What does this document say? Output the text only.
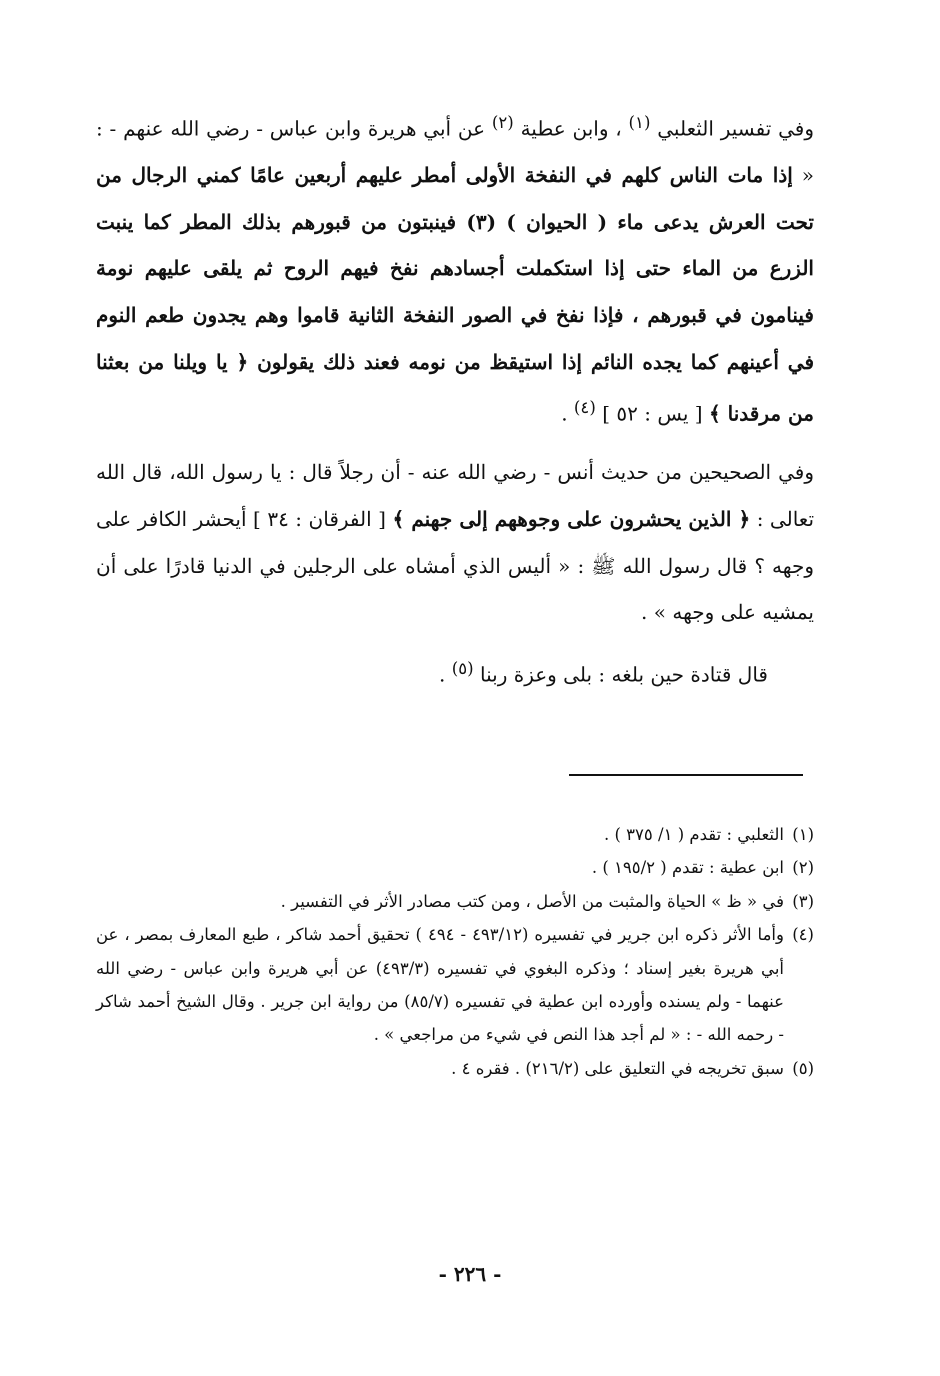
وفي تفسير الثعلبي $^{(١)}$ ، وابن عطية $^{(٢)}$ عن أبي هريرة وابن عباس - رضي الله عنهم - : « إذا مات الناس كلهم في النفخة الأولى أمطر عليهم أربعين عامًا كمني الرجال من تحت العرش يدعى ماء ( الحيوان ) (٣) فينبتون من قبورهم بذلك المطر كما ينبت الزرع من الماء حتى إذا استكملت أجسادهم نفخ فيهم الروح ثم يلقى عليهم نومة فينامون في قبورهم ، فإذا نفخ في الصور النفخة الثانية قاموا وهم يجدون طعم النوم في أعينهم كما يجده النائم إذا استيقظ من نومه فعند ذلك يقولون ﴿ يا ويلنا من بعثنا من مرقدنا ﴾ [ يس : ٥٢ ] $^{(٤)}$ .

وفي الصحيحين من حديث أنس - رضي الله عنه - أن رجلاً قال : يا رسول الله، قال الله تعالى : ﴿ الذين يحشرون على وجوههم إلى جهنم ﴾ [ الفرقان : ٣٤ ] أيحشر الكافر على وجهه ؟ قال رسول الله ﷺ : « أليس الذي أمشاه على الرجلين في الدنيا قادرًا على أن يمشيه على وجهه » .

قال قتادة حين بلغه : بلى وعزة ربنا $^{(٥)}$ .

(١)الثعلبي : تقدم ( ١/ ٣٧٥ ) .

(٢)ابن عطية : تقدم ( ١٩٥/٢ ) .

(٣)في « ظ » الحياة والمثبت من الأصل ، ومن كتب مصادر الأثر في التفسير .

(٤)وأما الأثر ذكره ابن جرير في تفسيره (٤٩٣/١٢ - ٤٩٤ ) تحقيق أحمد شاكر ، طبع المعارف بمصر ، عن أبي هريرة بغير إسناد ؛ وذكره البغوي في تفسيره (٤٩٣/٣) عن أبي هريرة وابن عباس - رضي الله عنهما - ولم يسنده وأورده ابن عطية في تفسيره (٨٥/٧) من رواية ابن جرير . وقال الشيخ أحمد شاكر - رحمه الله - : « لم أجد هذا النص في شيء من مراجعي » .

(٥)سبق تخريجه في التعليق على (٢١٦/٢) . فقره ٤ .

- ٢٢٦ -
